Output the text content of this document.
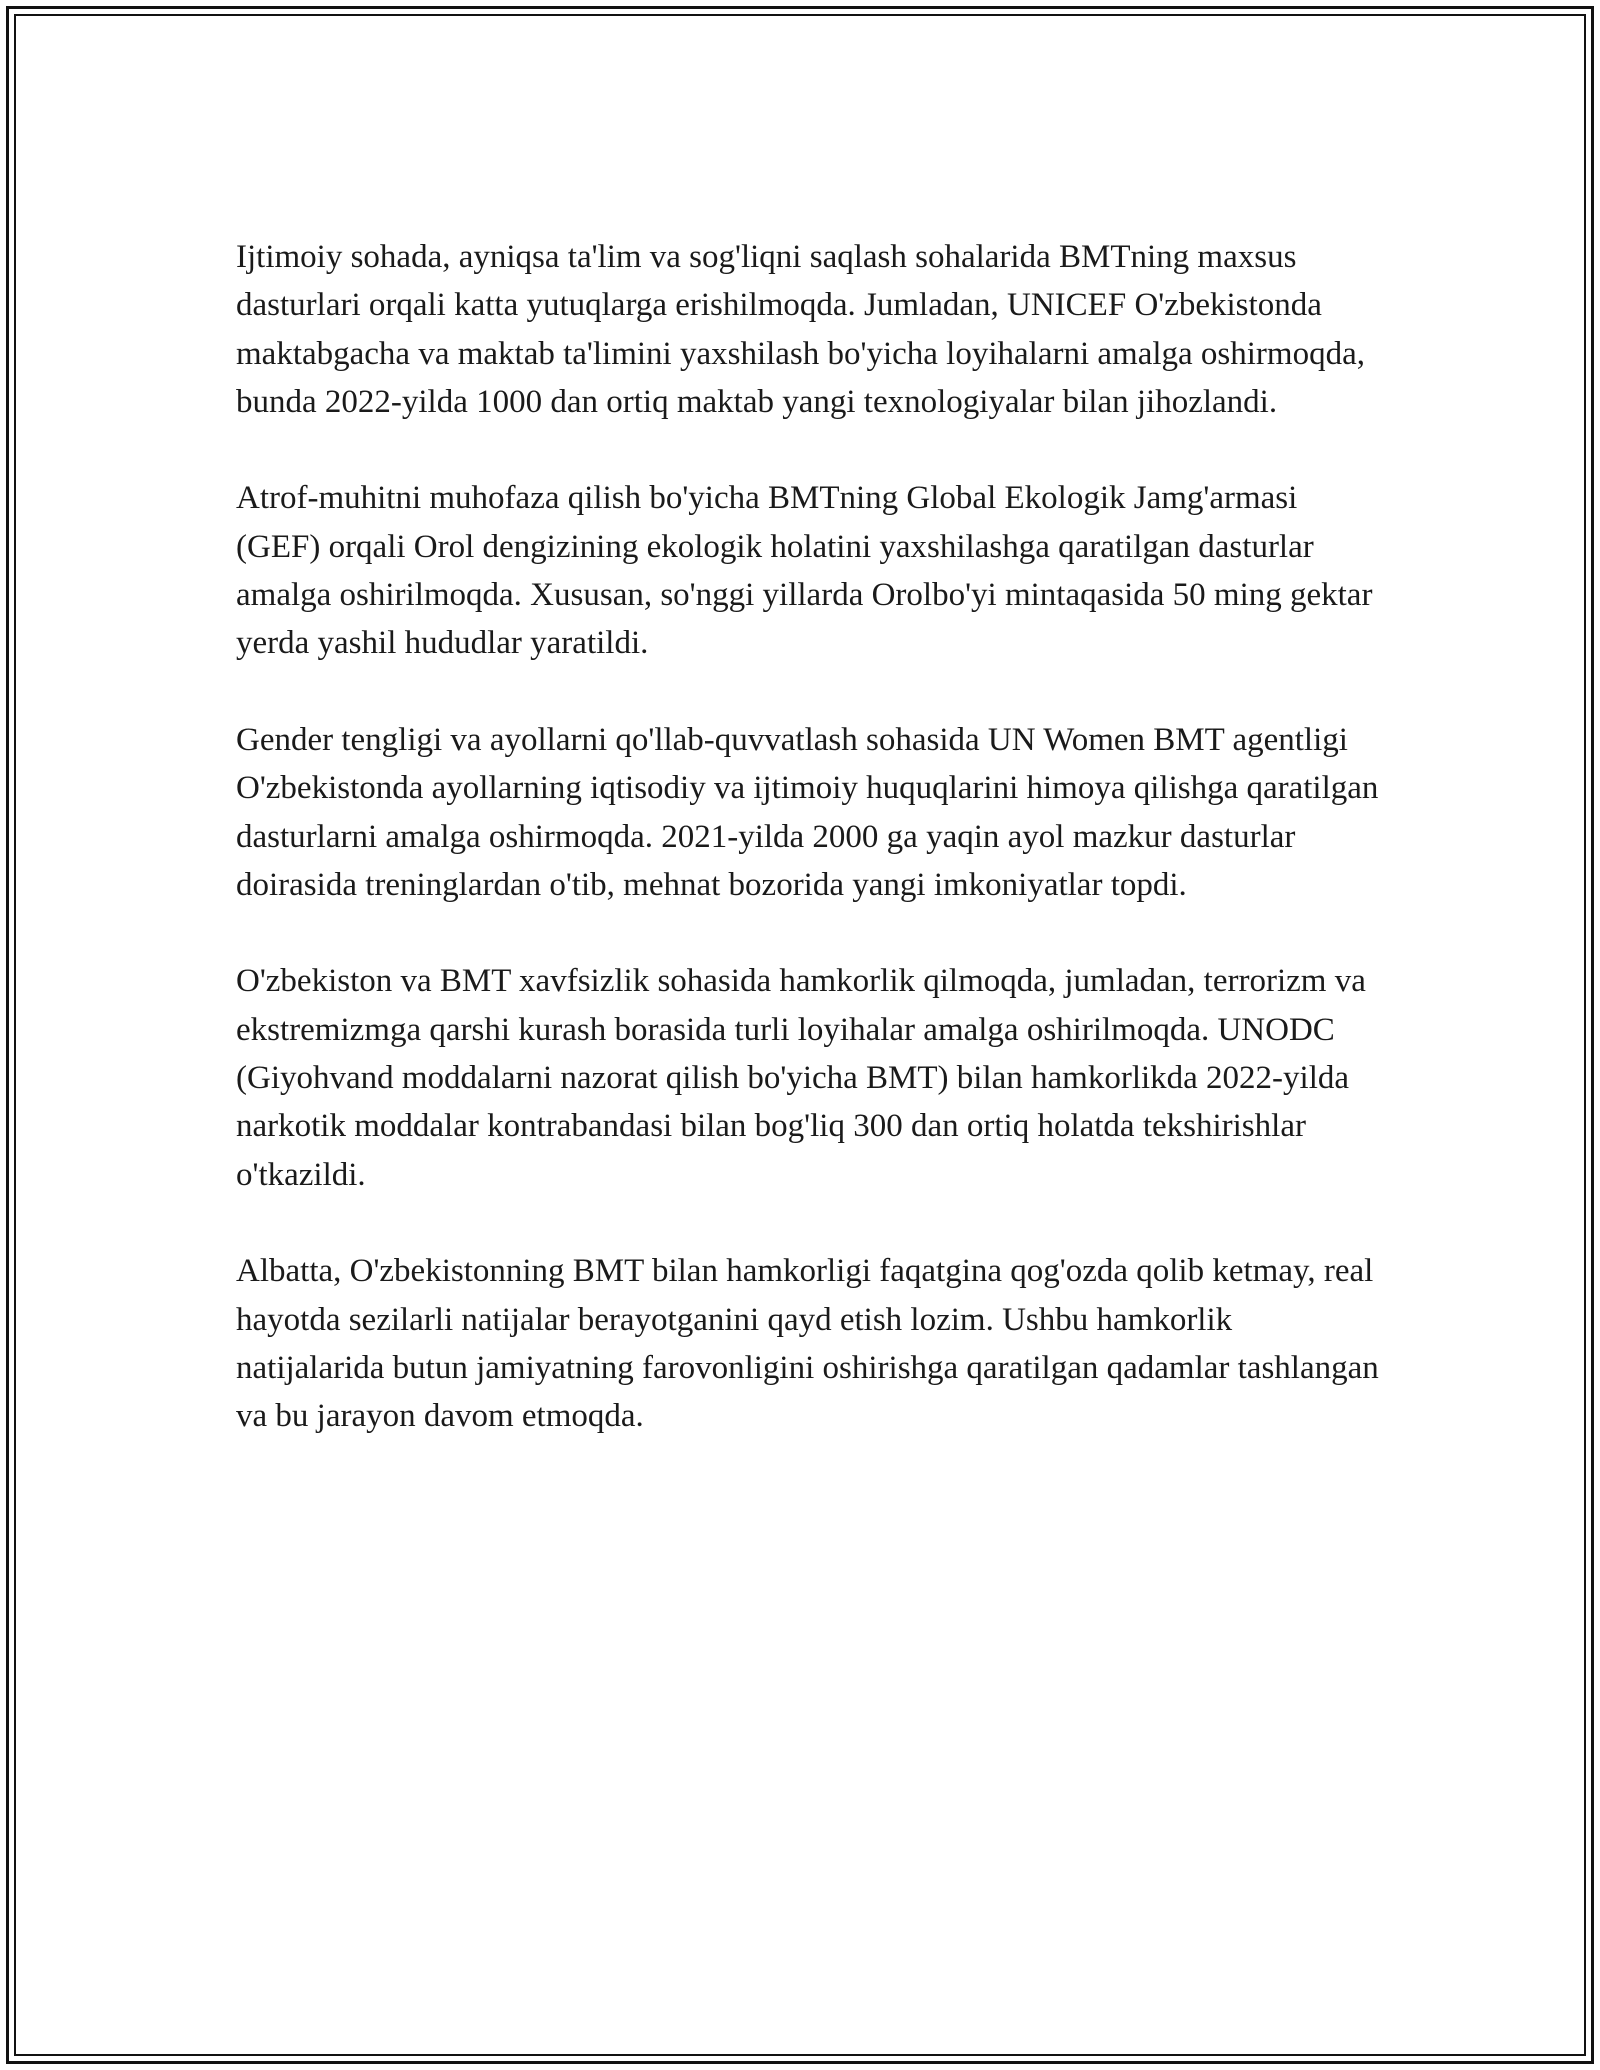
Ijtimoiy sohada, ayniqsa ta'lim va sog'liqni saqlash sohalarida BMTning maxsus dasturlari orqali katta yutuqlarga erishilmoqda. Jumladan, UNICEF O'zbekistonda maktabgacha va maktab ta'limini yaxshilash bo'yicha loyihalarni amalga oshirmoqda, bunda 2022-yilda 1000 dan ortiq maktab yangi texnologiyalar bilan jihozlandi.

Atrof-muhitni muhofaza qilish bo'yicha BMTning Global Ekologik Jamg'armasi (GEF) orqali Orol dengizining ekologik holatini yaxshilashga qaratilgan dasturlar amalga oshirilmoqda. Xususan, so'nggi yillarda Orolbo'yi mintaqasida 50 ming gektar yerda yashil hududlar yaratildi.

Gender tengligi va ayollarni qo'llab-quvvatlash sohasida UN Women BMT agentligi O'zbekistonda ayollarning iqtisodiy va ijtimoiy huquqlarini himoya qilishga qaratilgan dasturlarni amalga oshirmoqda. 2021-yilda 2000 ga yaqin ayol mazkur dasturlar doirasida treninglardan o'tib, mehnat bozorida yangi imkoniyatlar topdi.

O'zbekiston va BMT xavfsizlik sohasida hamkorlik qilmoqda, jumladan, terrorizm va ekstremizmga qarshi kurash borasida turli loyihalar amalga oshirilmoqda. UNODC (Giyohvand moddalarni nazorat qilish bo'yicha BMT) bilan hamkorlikda 2022-yilda narkotik moddalar kontrabandasi bilan bog'liq 300 dan ortiq holatda tekshirishlar o'tkazildi.

Albatta, O'zbekistonning BMT bilan hamkorligi faqatgina qog'ozda qolib ketmay, real hayotda sezilarli natijalar berayotganini qayd etish lozim. Ushbu hamkorlik natijalarida butun jamiyatning farovonligini oshirishga qaratilgan qadamlar tashlangan va bu jarayon davom etmoqda.
